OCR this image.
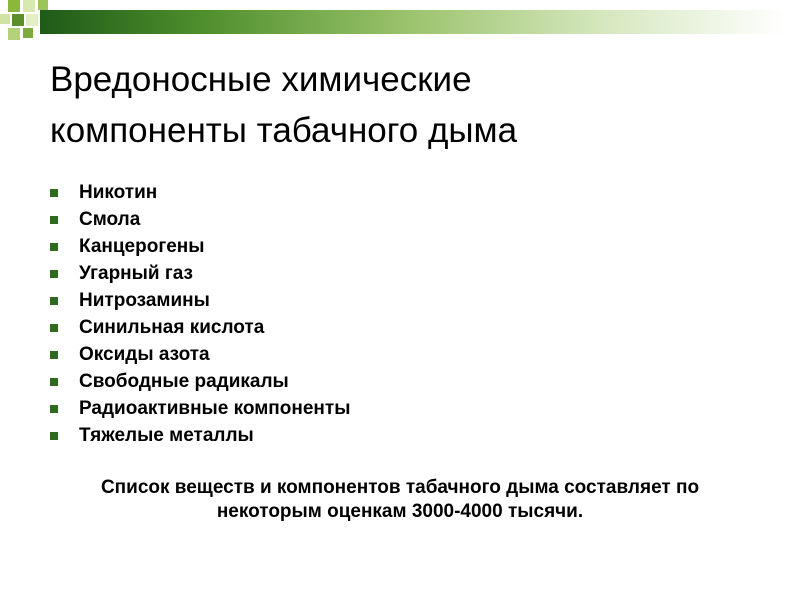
Вредоносные химические
компоненты табачного дыма
Никотин
Смола
Канцерогены
Угарный газ
Нитрозамины
Синильная кислота
Оксиды азота
Свободные радикалы
Радиоактивные компоненты
Тяжелые металлы

Список веществ и компонентов табачного дыма составляет по
некоторым оценкам 3000-4000 тысячи.
